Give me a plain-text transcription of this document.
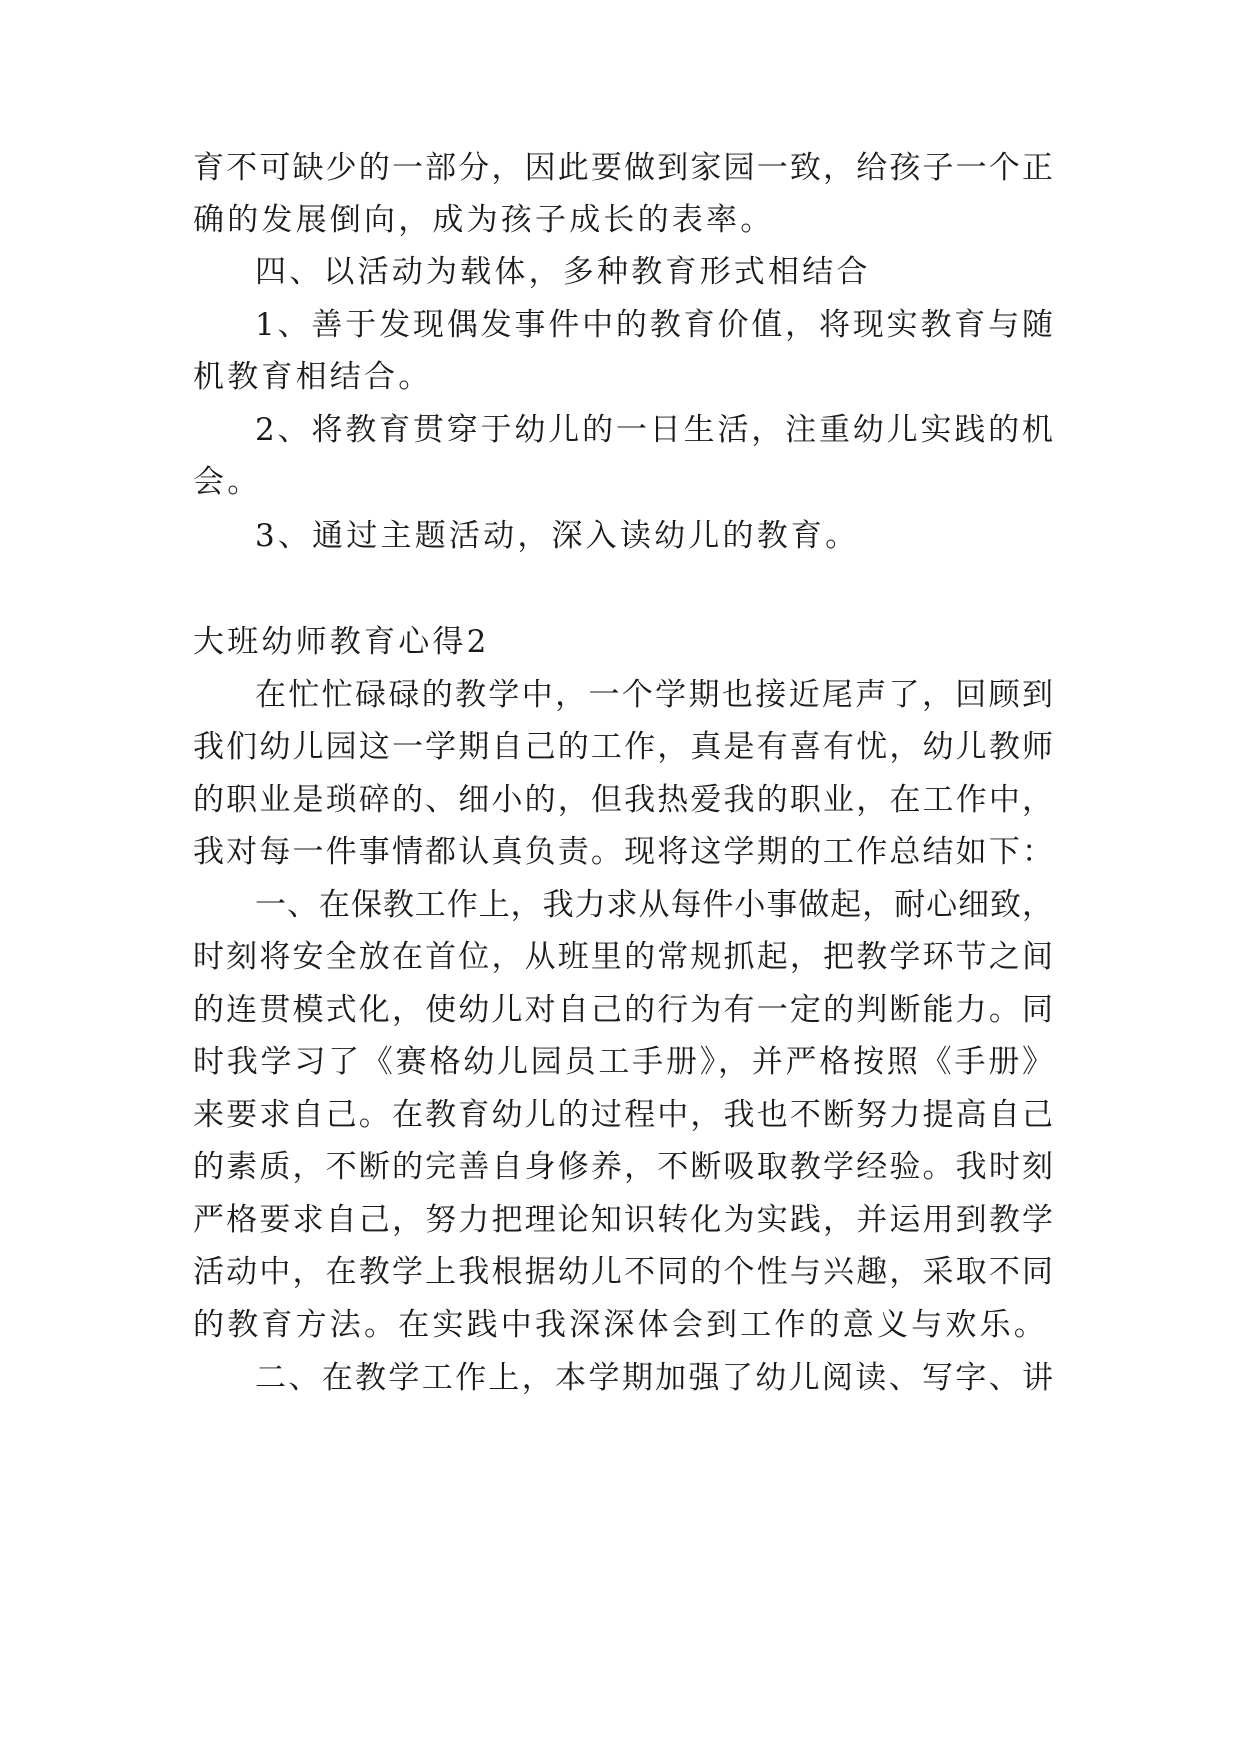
育不可缺少的一部分，因此要做到家园一致，给孩子一个正
确的发展倒向，成为孩子成长的表率。
四、以活动为载体，多种教育形式相结合
1、善于发现偶发事件中的教育价值，将现实教育与随
机教育相结合。
2、将教育贯穿于幼儿的一日生活，注重幼儿实践的机
会。
3、通过主题活动，深入读幼儿的教育。
大班幼师教育心得2
在忙忙碌碌的教学中，一个学期也接近尾声了，回顾到
我们幼儿园这一学期自己的工作，真是有喜有忧，幼儿教师
的职业是琐碎的、细小的，但我热爱我的职业，在工作中，
我对每一件事情都认真负责。现将这学期的工作总结如下：
一、在保教工作上，我力求从每件小事做起，耐心细致，
时刻将安全放在首位，从班里的常规抓起，把教学环节之间
的连贯模式化，使幼儿对自己的行为有一定的判断能力。同
时我学习了《赛格幼儿园员工手册》，并严格按照《手册》
来要求自己。在教育幼儿的过程中，我也不断努力提高自己
的素质，不断的完善自身修养，不断吸取教学经验。我时刻
严格要求自己，努力把理论知识转化为实践，并运用到教学
活动中，在教学上我根据幼儿不同的个性与兴趣，采取不同
的教育方法。在实践中我深深体会到工作的意义与欢乐。
二、在教学工作上，本学期加强了幼儿阅读、写字、讲
